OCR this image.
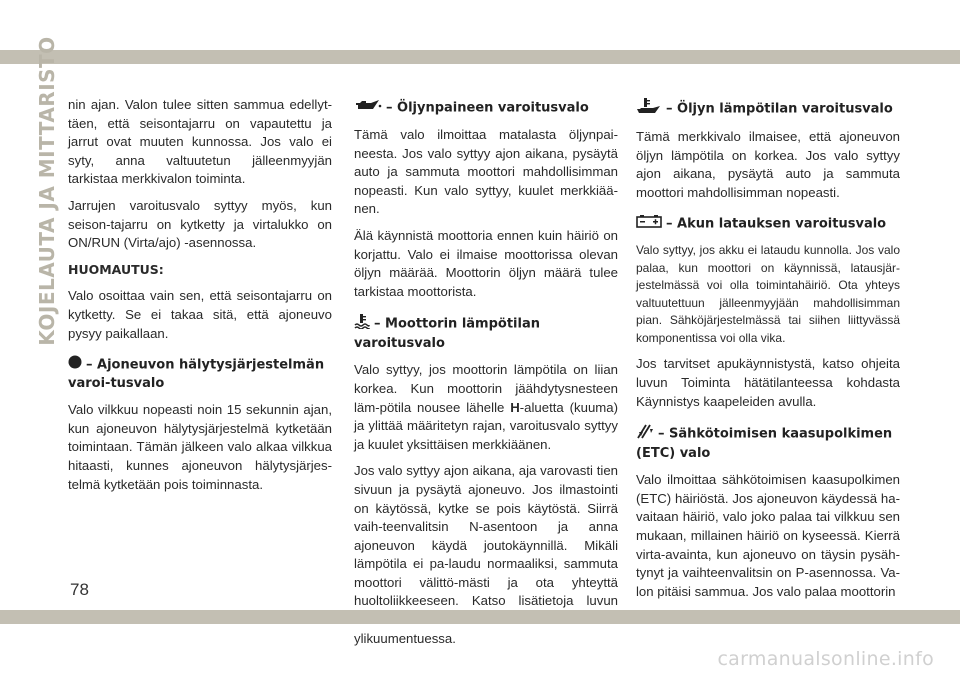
KOJELAUTA JA MITTARISTO nin ajan. Valon tulee sitten sammua edellyt-täen, että seisontajarru on vapautettu ja jarrut ovat muuten kunnossa. Jos valo ei syty, anna valtuutetun jälleenmyyjän tarkistaa merkkivalon toiminta.

Jarrujen varoitusvalo syttyy myös, kun seison-tajarru on kytketty ja virtalukko on ON/RUN (Virta/ajo) -asennossa.

HUOMAUTUS:

Valo osoittaa vain sen, että seisontajarru on kytketty. Se ei takaa sitä, että ajoneuvo pysyy paikallaan.

– Ajoneuvon hälytysjärjestelmän varoi-tusvalo

Valo vilkkuu nopeasti noin 15 sekunnin ajan, kun ajoneuvon hälytysjärjestelmä kytketään toimintaan. Tämän jälkeen valo alkaa vilkkua hitaasti, kunnes ajoneuvon hälytysjärjes-telmä kytketään pois toiminnasta.

– Öljynpaineen varoitusvalo

Tämä valo ilmoittaa matalasta öljynpai-neesta. Jos valo syttyy ajon aikana, pysäytä auto ja sammuta moottori mahdollisimman nopeasti. Kun valo syttyy, kuulet merkkiää-nen.

Älä käynnistä moottoria ennen kuin häiriö on korjattu. Valo ei ilmaise moottorissa olevan öljyn määrää. Moottorin öljyn määrä tulee tarkistaa moottorista.

– Moottorin lämpötilan varoitusvalo

Valo syttyy, jos moottorin lämpötila on liian korkea. Kun moottorin jäähdytysnesteen läm-pötila nousee lähelle H-aluetta (kuuma) ja ylittää määritetyn rajan, varoitusvalo syttyy ja kuulet yksittäisen merkkiäänen.

Jos valo syttyy ajon aikana, aja varovasti tien sivuun ja pysäytä ajoneuvo. Jos ilmastointi on käytössä, kytke se pois käytöstä. Siirrä vaih-teenvalitsin N-asentoon ja anna ajoneuvon käydä joutokäynnillä. Mikäli lämpötila ei pa-laudu normaaliksi, sammuta moottori välittö-mästi ja ota yhteyttä huoltoliikkeeseen. Katso lisätietoja luvun ylikuumentuessa.

– Öljyn lämpötilan varoitusvalo

Tämä merkkivalo ilmaisee, että ajoneuvon öljyn lämpötila on korkea. Jos valo syttyy ajon aikana, pysäytä auto ja sammuta moottori mahdollisimman nopeasti.

– Akun latauksen varoitusvalo

Valo syttyy, jos akku ei lataudu kunnolla. Jos valo palaa, kun moottori on käynnissä, latausjär-jestelmässä voi olla toimintahäiriö. Ota yhteys valtuutettuun jälleenmyyjään mahdollisimman pian. Sähköjärjestelmässä tai siihen liittyvässä komponentissa voi olla vika.

Jos tarvitset apukäynnistystä, katso ohjeita luvun Toiminta hätätilanteessa kohdasta Käynnistys kaapeleiden avulla.

– Sähkötoimisen kaasupolkimen (ETC) valo

Valo ilmoittaa sähkötoimisen kaasupolkimen (ETC) häiriöstä. Jos ajoneuvon käydessä ha-vaitaan häiriö, valo joko palaa tai vilkkuu sen mukaan, millainen häiriö on kyseessä. Kierrä virta-avainta, kun ajoneuvo on täysin pysäh-tynyt ja vaihteenvalitsin on P-asennossa. Va-lon pitäisi sammua. Jos valo palaa moottorin

78
carmanualsonline.info
